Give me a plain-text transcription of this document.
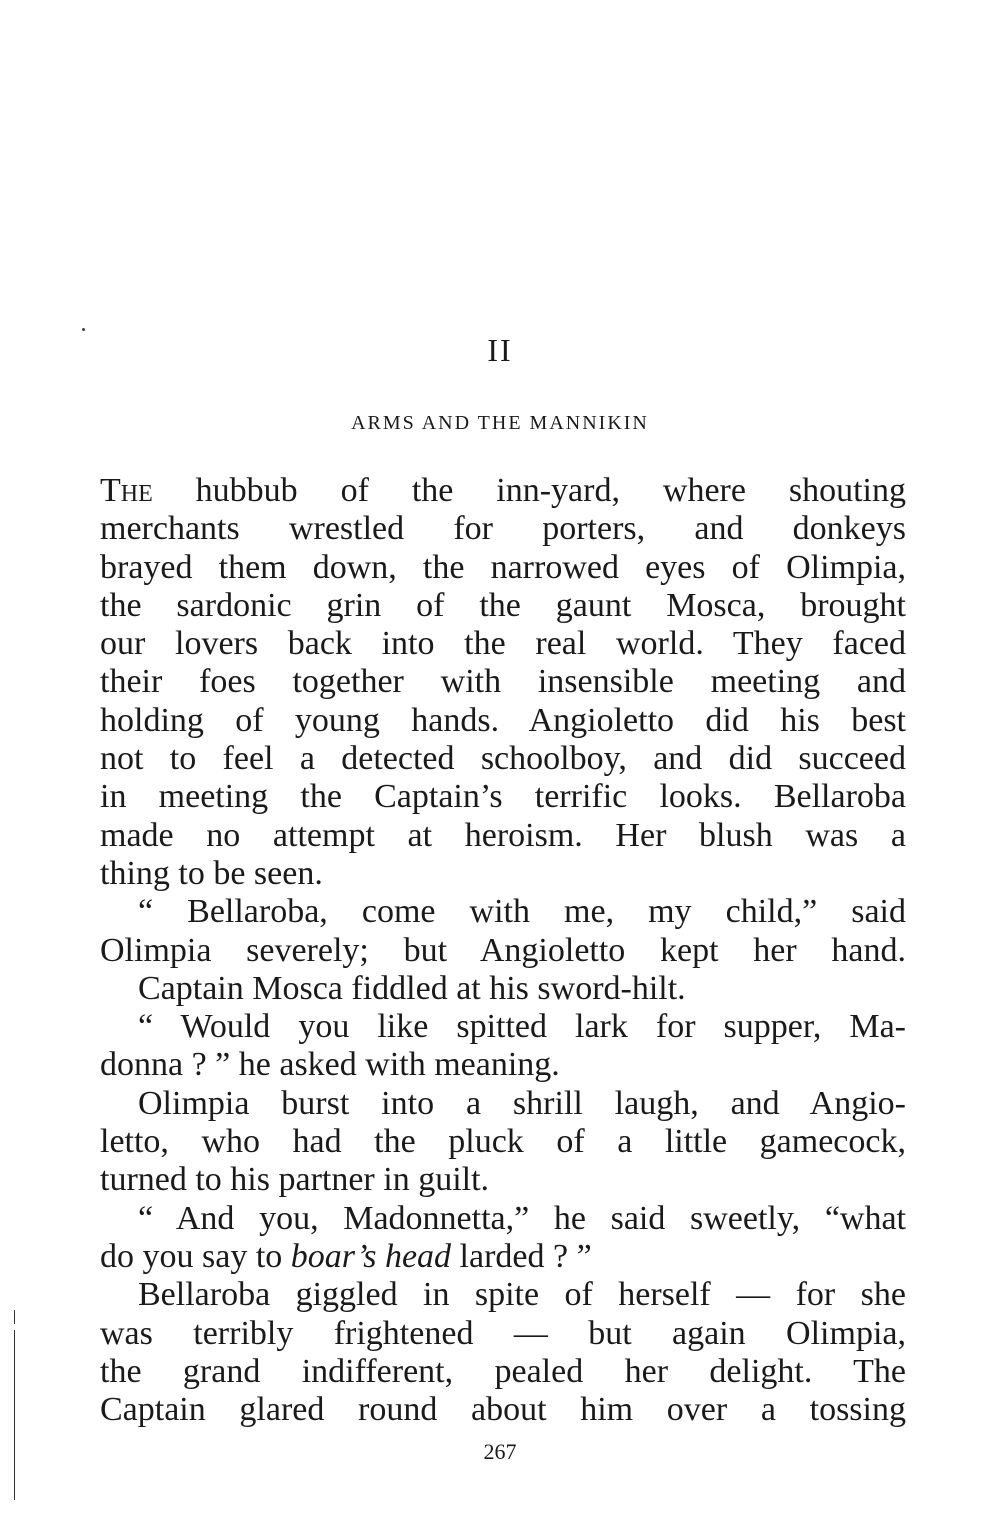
II
ARMS AND THE MANNIKIN
The hubbub of the inn-yard, where shouting
merchants wrestled for porters, and donkeys
brayed them down, the narrowed eyes of Olimpia,
the sardonic grin of the gaunt Mosca, brought
our lovers back into the real world. They faced
their foes together with insensible meeting and
holding of young hands. Angioletto did his best
not to feel a detected schoolboy, and did succeed
in meeting the Captain’s terrific looks. Bellaroba
made no attempt at heroism. Her blush was a
thing to be seen.
“ Bellaroba, come with me, my child,” said
Olimpia severely; but Angioletto kept her hand.
Captain Mosca fiddled at his sword-hilt.
“ Would you like spitted lark for supper, Ma-
donna ? ” he asked with meaning.
Olimpia burst into a shrill laugh, and Angio-
letto, who had the pluck of a little gamecock,
turned to his partner in guilt.
“ And you, Madonnetta,” he said sweetly, “what
do you say to boar’s head larded ? ”
Bellaroba giggled in spite of herself — for she
was terribly frightened — but again Olimpia,
the grand indifferent, pealed her delight. The
Captain glared round about him over a tossing
267
